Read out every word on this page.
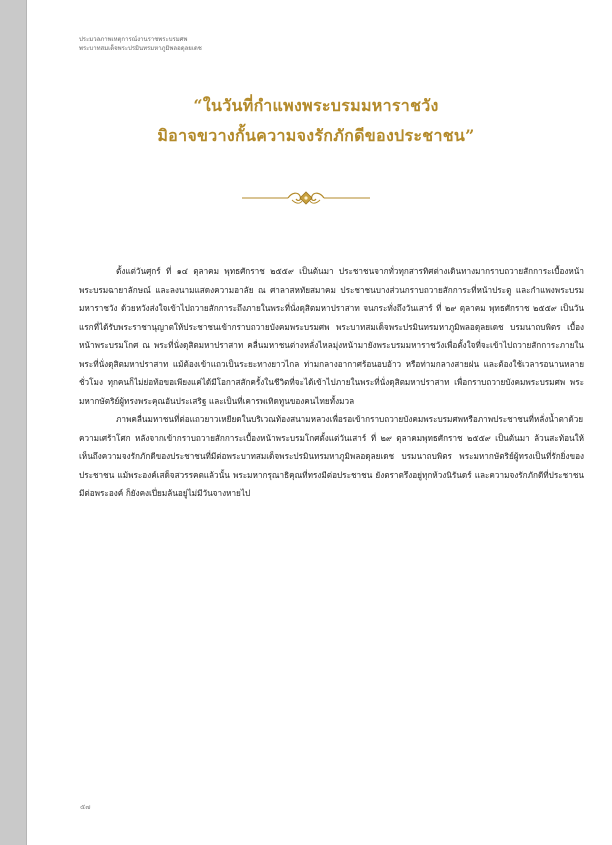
ประมวลภาพเหตุการณ์งานราชพระบรมศพ
พระบาทสมเด็จพระปรมินทรมหาภูมิพลอดุลยเดช
“ในวันที่กำแพงพระบรมมหาราชวัง
มิอาจขวางกั้นความจงรักภักดีของประชาชน”

ตั้งแต่วันศุกร์ ที่ ๑๔ ตุลาคม พุทธศักราช ๒๕๕๙ เป็นต้นมา ประชาชนจากทั่วทุกสารทิศต่างเดินทางมากราบถวายสักการะเบื้องหน้าพระบรมฉายาลักษณ์ และลงนามแสดงความอาลัย ณ ศาลาสหทัยสมาคม ประชาชนบางส่วนกราบถวายสักการะที่หน้าประตู และกำแพงพระบรมมหาราชวัง ด้วยหวังส่งใจเข้าไปถวายสักการะถึงภายในพระที่นั่งดุสิตมหาปราสาท จนกระทั่งถึงวันเสาร์ ที่ ๒๙ ตุลาคม พุทธศักราช ๒๕๕๙ เป็นวันแรกที่ได้รับพระราชานุญาตให้ประชาชนเข้ากราบถวายบังคมพระบรมศพ พระบาทสมเด็จพระปรมินทรมหาภูมิพลอดุลยเดช บรมนาถบพิตร เบื้องหน้าพระบรมโกศ ณ พระที่นั่งดุสิตมหาปราสาท คลื่นมหาชนต่างหลั่งไหลมุ่งหน้ามายังพระบรมมหาราชวังเพื่อตั้งใจที่จะเข้าไปถวายสักการะภายในพระที่นั่งดุสิตมหาปราสาท แม้ต้องเข้าแถวเป็นระยะทางยาวไกล ท่ามกลางอากาศร้อนอบอ้าว หรือท่ามกลางสายฝน และต้องใช้เวลารอนานหลายชั่วโมง ทุกคนก็ไม่ย่อท้อขอเพียงแค่ได้มีโอกาสสักครั้งในชีวิตที่จะได้เข้าไปภายในพระที่นั่งดุสิตมหาปราสาท เพื่อกราบถวายบังคมพระบรมศพ พระมหากษัตริย์ผู้ทรงพระคุณอันประเสริฐ และเป็นที่เคารพเทิดทูนของคนไทยทั้งมวล

ภาพคลื่นมหาชนที่ต่อแถวยาวเหยียดในบริเวณท้องสนามหลวงเพื่อรอเข้ากราบถวายบังคมพระบรมศพหรือภาพประชาชนที่หลั่งน้ำตาด้วยความเศร้าโศก หลังจากเข้ากราบถวายสักการะเบื้องหน้าพระบรมโกศตั้งแต่วันเสาร์ ที่ ๒๙ ตุลาคมพุทธศักราช ๒๕๕๙ เป็นต้นมา ล้วนสะท้อนให้เห็นถึงความจงรักภักดีของประชาชนที่มีต่อพระบาทสมเด็จพระปรมินทรมหาภูมิพลอดุลยเดช บรมนาถบพิตร พระมหากษัตริย์ผู้ทรงเป็นที่รักยิ่งของประชาชน แม้พระองค์เสด็จสวรรคตแล้วนั้น พระมหากรุณาธิคุณที่ทรงมีต่อประชาชน ยังตราตรึงอยู่ทุกห้วงนิรันดร์ และความจงรักภักดีที่ประชาชนมีต่อพระองค์ ก็ยังคงเปี่ยมล้นอยู่ไม่มีวันจางหายไป

๕๗
